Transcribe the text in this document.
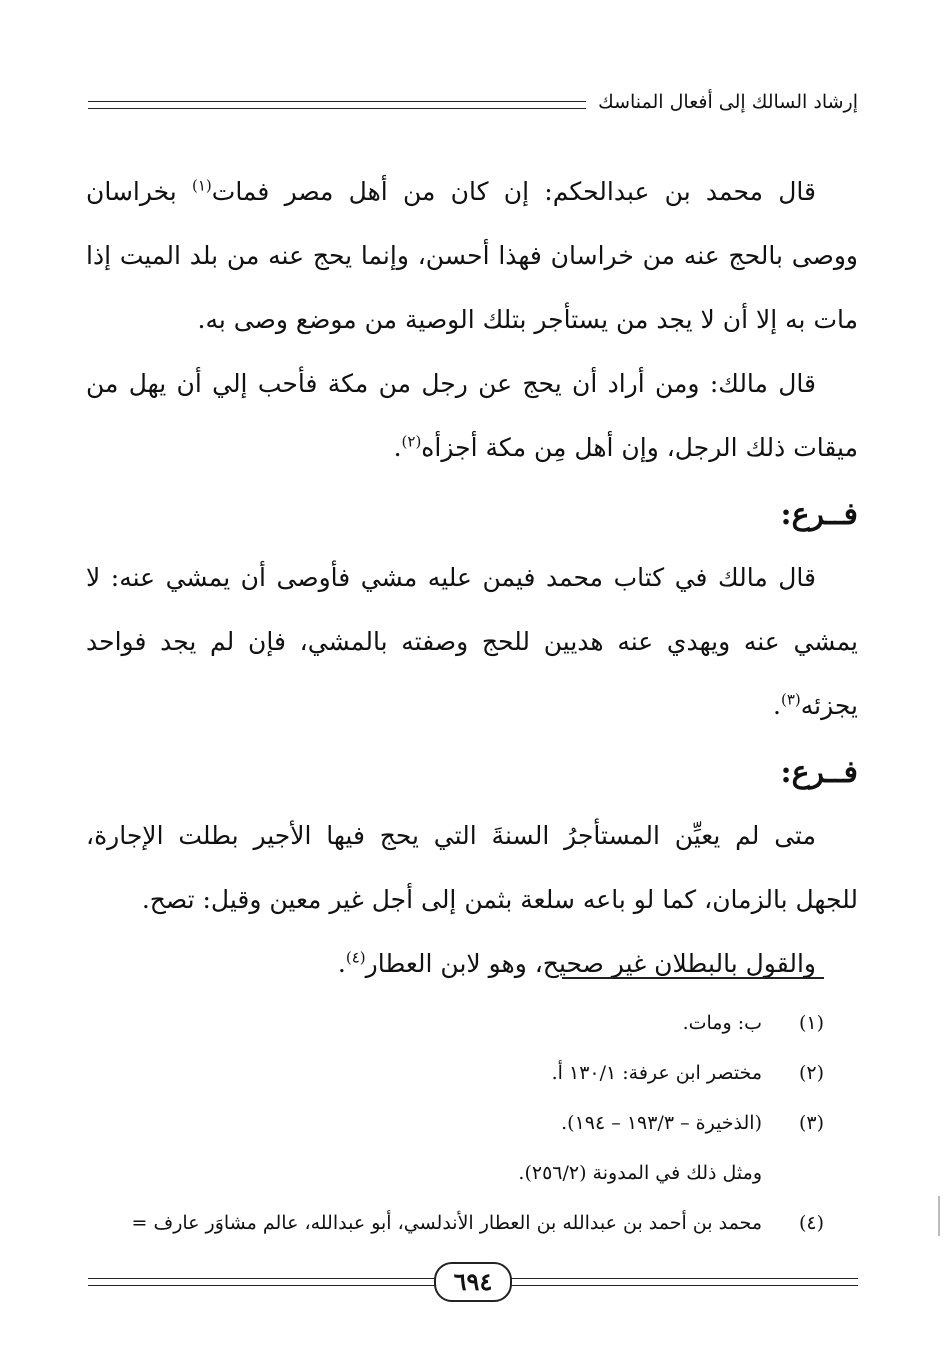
إرشاد السالك إلى أفعال المناسك

قال محمد بن عبدالحكم: إن كان من أهل مصر فمات$^{(١)}$ بخراسان ووصى بالحج عنه من خراسان فهذا أحسن، وإنما يحج عنه من بلد الميت إذا مات به إلا أن لا يجد من يستأجر بتلك الوصية من موضع وصى به.

قال مالك: ومن أراد أن يحج عن رجل من مكة فأحب إلي أن يهل من ميقات ذلك الرجل، وإن أهل مِن مكة أجزأه$^{(٢)}$.

فــرع:

قال مالك في كتاب محمد فيمن عليه مشي فأوصى أن يمشي عنه: لا يمشي عنه ويهدي عنه هديين للحج وصفته بالمشي، فإن لم يجد فواحد يجزئه$^{(٣)}$.

فــرع:

متى لم يعيِّن المستأجرُ السنةَ التي يحج فيها الأجير بطلت الإجارة، للجهل بالزمان، كما لو باعه سلعة بثمن إلى أجل غير معين وقيل: تصح.

والقول بالبطلان غير صحيح، وهو لابن العطار$^{(٤)}$.

(١)
ب: ومات.
(٢)
مختصر ابن عرفة: ١٣٠/١ أ.
(٣)
(الذخيرة – ١٩٣/٣ – ١٩٤).
ومثل ذلك في المدونة (٢٥٦/٢).
(٤)
محمد بن أحمد بن عبدالله بن العطار الأندلسي، أبو عبدالله، عالم مشاوَر عارف =
٦٩٤
